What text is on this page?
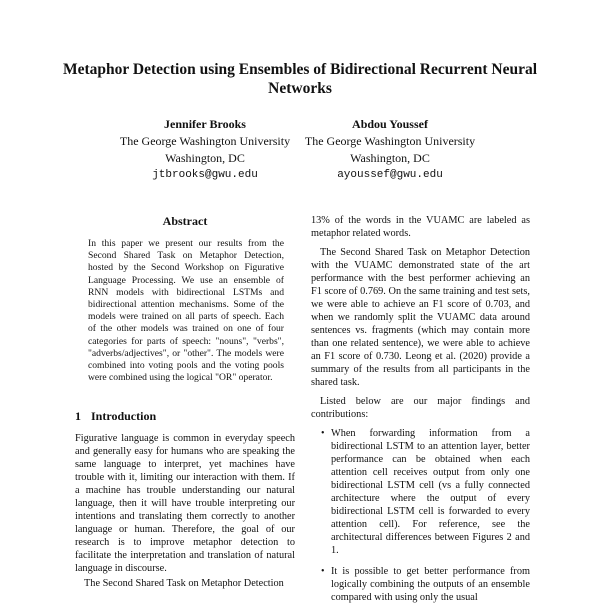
Metaphor Detection using Ensembles of Bidirectional Recurrent Neural Networks
Jennifer Brooks
The George Washington University
Washington, DC
jtbrooks@gwu.edu
Abdou Youssef
The George Washington University
Washington, DC
ayoussef@gwu.edu
Abstract
In this paper we present our results from the Second Shared Task on Metaphor Detection, hosted by the Second Workshop on Figurative Language Processing. We use an ensemble of RNN models with bidirectional LSTMs and bidirectional attention mechanisms. Some of the models were trained on all parts of speech. Each of the other models was trained on one of four categories for parts of speech: "nouns", "verbs", "adverbs/adjectives", or "other". The models were combined into voting pools and the voting pools were combined using the logical "OR" operator.
1 Introduction

Figurative language is common in everyday speech and generally easy for humans who are speaking the same language to interpret, yet machines have trouble with it, limiting our interaction with them. If a machine has trouble understanding our natural language, then it will have trouble interpreting our intentions and translating them correctly to another language or human. Therefore, the goal of our research is to improve metaphor detection to facilitate the interpretation and translation of natural language in discourse.

The Second Shared Task on Metaphor Detection

13% of the words in the VUAMC are labeled as metaphor related words.

The Second Shared Task on Metaphor Detection with the VUAMC demonstrated state of the art performance with the best performer achieving an F1 score of 0.769. On the same training and test sets, we were able to achieve an F1 score of 0.703, and when we randomly split the VUAMC data around sentences vs. fragments (which may contain more than one related sentence), we were able to achieve an F1 score of 0.730. Leong et al. (2020) provide a summary of the results from all participants in the shared task.

Listed below are our major findings and contributions:

• When forwarding information from a bidirectional LSTM to an attention layer, better performance can be obtained when each attention cell receives output from only one bidirectional LSTM cell (vs a fully connected architecture where the output of every bidirectional LSTM cell is forwarded to every attention cell). For reference, see the architectural differences between Figures 2 and 1.
• It is possible to get better performance from logically combining the outputs of an ensemble compared with using only the usual
